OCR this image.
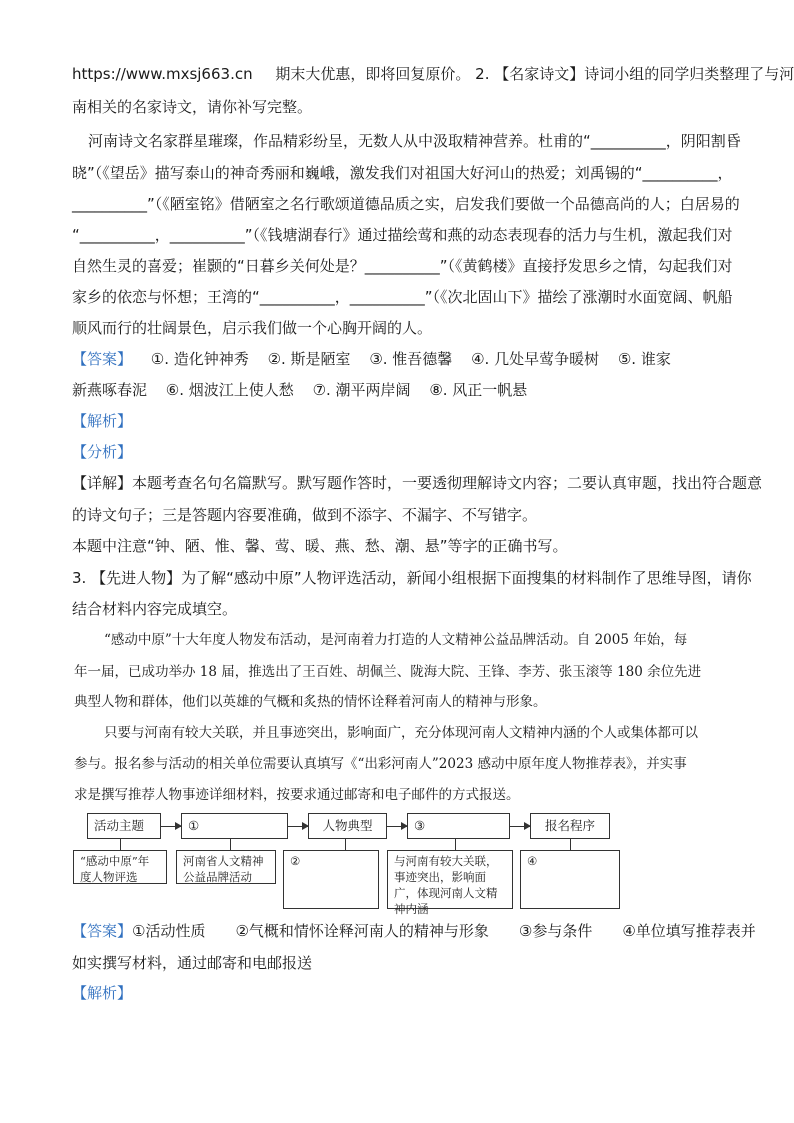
https://www.mxsj663.cn 期末大优惠，即将回复原价。 2. 【名家诗文】诗词小组的同学归类整理了与河
南相关的名家诗文，请你补写完整。
河南诗文名家群星璀璨，作品精彩纷呈，无数人从中汲取精神营养。杜甫的“__________，阴阳割昏
晓”（《望岳》描写泰山的神奇秀丽和巍峨，激发我们对祖国大好河山的热爱；刘禹锡的“__________，
__________”（《陋室铭》借陋室之名行歌颂道德品质之实，启发我们要做一个品德高尚的人；白居易的
“__________，__________”（《钱塘湖春行》通过描绘莺和燕的动态表现春的活力与生机，激起我们对
自然生灵的喜爱；崔颢的“日暮乡关何处是？__________”（《黄鹤楼》直接抒发思乡之情，勾起我们对
家乡的依恋与怀想；王湾的“__________，__________”（《次北固山下》描绘了涨潮时水面宽阔、帆船
顺风而行的壮阔景色，启示我们做一个心胸开阔的人。
【答案】 ①. 造化钟神秀 ②. 斯是陋室 ③. 惟吾德馨 ④. 几处早莺争暖树 ⑤. 谁家
新燕啄春泥 ⑥. 烟波江上使人愁 ⑦. 潮平两岸阔 ⑧. 风正一帆悬
【解析】
【分析】
【详解】本题考查名句名篇默写。默写题作答时，一要透彻理解诗文内容；二要认真审题，找出符合题意
的诗文句子；三是答题内容要准确，做到不添字、不漏字、不写错字。
本题中注意“钟、陋、惟、馨、莺、暖、燕、愁、潮、悬”等字的正确书写。
3. 【先进人物】为了解“感动中原”人物评选活动，新闻小组根据下面搜集的材料制作了思维导图，请你
结合材料内容完成填空。
“感动中原”十大年度人物发布活动，是河南着力打造的人文精神公益品牌活动。自 2005 年始，每
年一届，已成功举办 18 届，推选出了王百姓、胡佩兰、陇海大院、王锋、李芳、张玉滚等 180 余位先进
典型人物和群体，他们以英雄的气概和炙热的情怀诠释着河南人的精神与形象。
只要与河南有较大关联，并且事迹突出，影响面广，充分体现河南人文精神内涵的个人或集体都可以
参与。报名参与活动的相关单位需要认真填写《“出彩河南人”2023 感动中原年度人物推荐表》，并实事
求是撰写推荐人物事迹详细材料，按要求通过邮寄和电子邮件的方式报送。
活动主题	①	人物典型	③	报名程序
“感动中原”年度人物评选
河南省人文精神公益品牌活动
②	与河南有较大关联，事迹突出，影响面广，体现河南人文精神内涵
④
【答案】①活动性质　　②气概和情怀诠释河南人的精神与形象　　③参与条件　　④单位填写推荐表并
如实撰写材料，通过邮寄和电邮报送
【解析】
